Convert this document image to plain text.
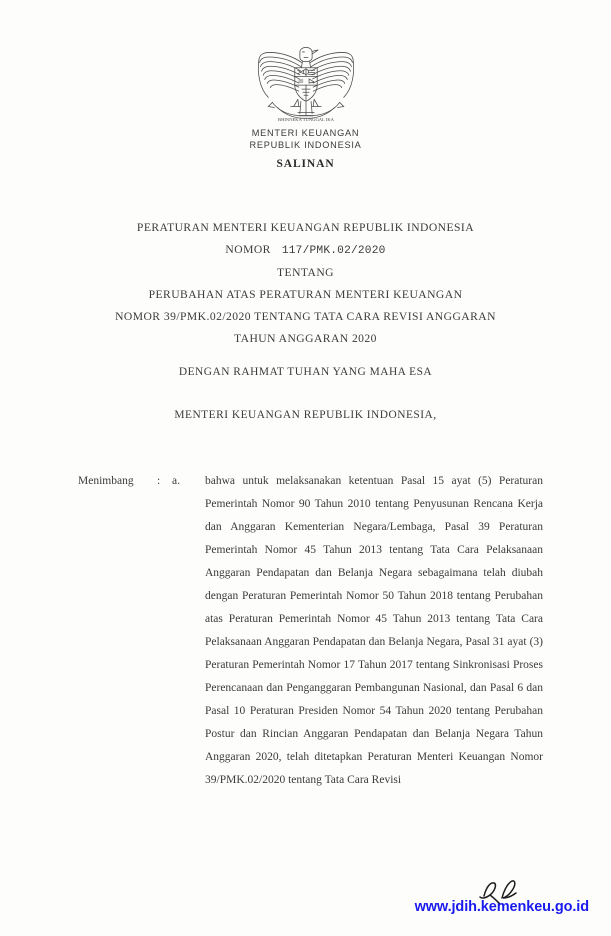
BHINNEKA TUNGGAL IKA
MENTERI KEUANGAN
REPUBLIK INDONESIA
SALINAN
PERATURAN MENTERI KEUANGAN REPUBLIK INDONESIA
NOMOR 117/PMK.02/2020
TENTANG
PERUBAHAN ATAS PERATURAN MENTERI KEUANGAN
NOMOR 39/PMK.02/2020 TENTANG TATA CARA REVISI ANGGARAN
TAHUN ANGGARAN 2020
DENGAN RAHMAT TUHAN YANG MAHA ESA
MENTERI KEUANGAN REPUBLIK INDONESIA,
Menimbang	:	a.	bahwa untuk melaksanakan ketentuan Pasal 15 ayat (5) Peraturan Pemerintah Nomor 90 Tahun 2010 tentang Penyusunan Rencana Kerja dan Anggaran Kementerian Negara/Lembaga, Pasal 39 Peraturan Pemerintah Nomor 45 Tahun 2013 tentang Tata Cara Pelaksanaan Anggaran Pendapatan dan Belanja Negara sebagaimana telah diubah dengan Peraturan Pemerintah Nomor 50 Tahun 2018 tentang Perubahan atas Peraturan Pemerintah Nomor 45 Tahun 2013 tentang Tata Cara Pelaksanaan Anggaran Pendapatan dan Belanja Negara, Pasal 31 ayat (3) Peraturan Pemerintah Nomor 17 Tahun 2017 tentang Sinkronisasi Proses Perencanaan dan Penganggaran Pembangunan Nasional, dan Pasal 6 dan Pasal 10 Peraturan Presiden Nomor 54 Tahun 2020 tentang Perubahan Postur dan Rincian Anggaran Pendapatan dan Belanja Negara Tahun Anggaran 2020, telah ditetapkan Peraturan Menteri Keuangan Nomor 39/PMK.02/2020 tentang Tata Cara Revisi
www.jdih.kemenkeu.go.id
